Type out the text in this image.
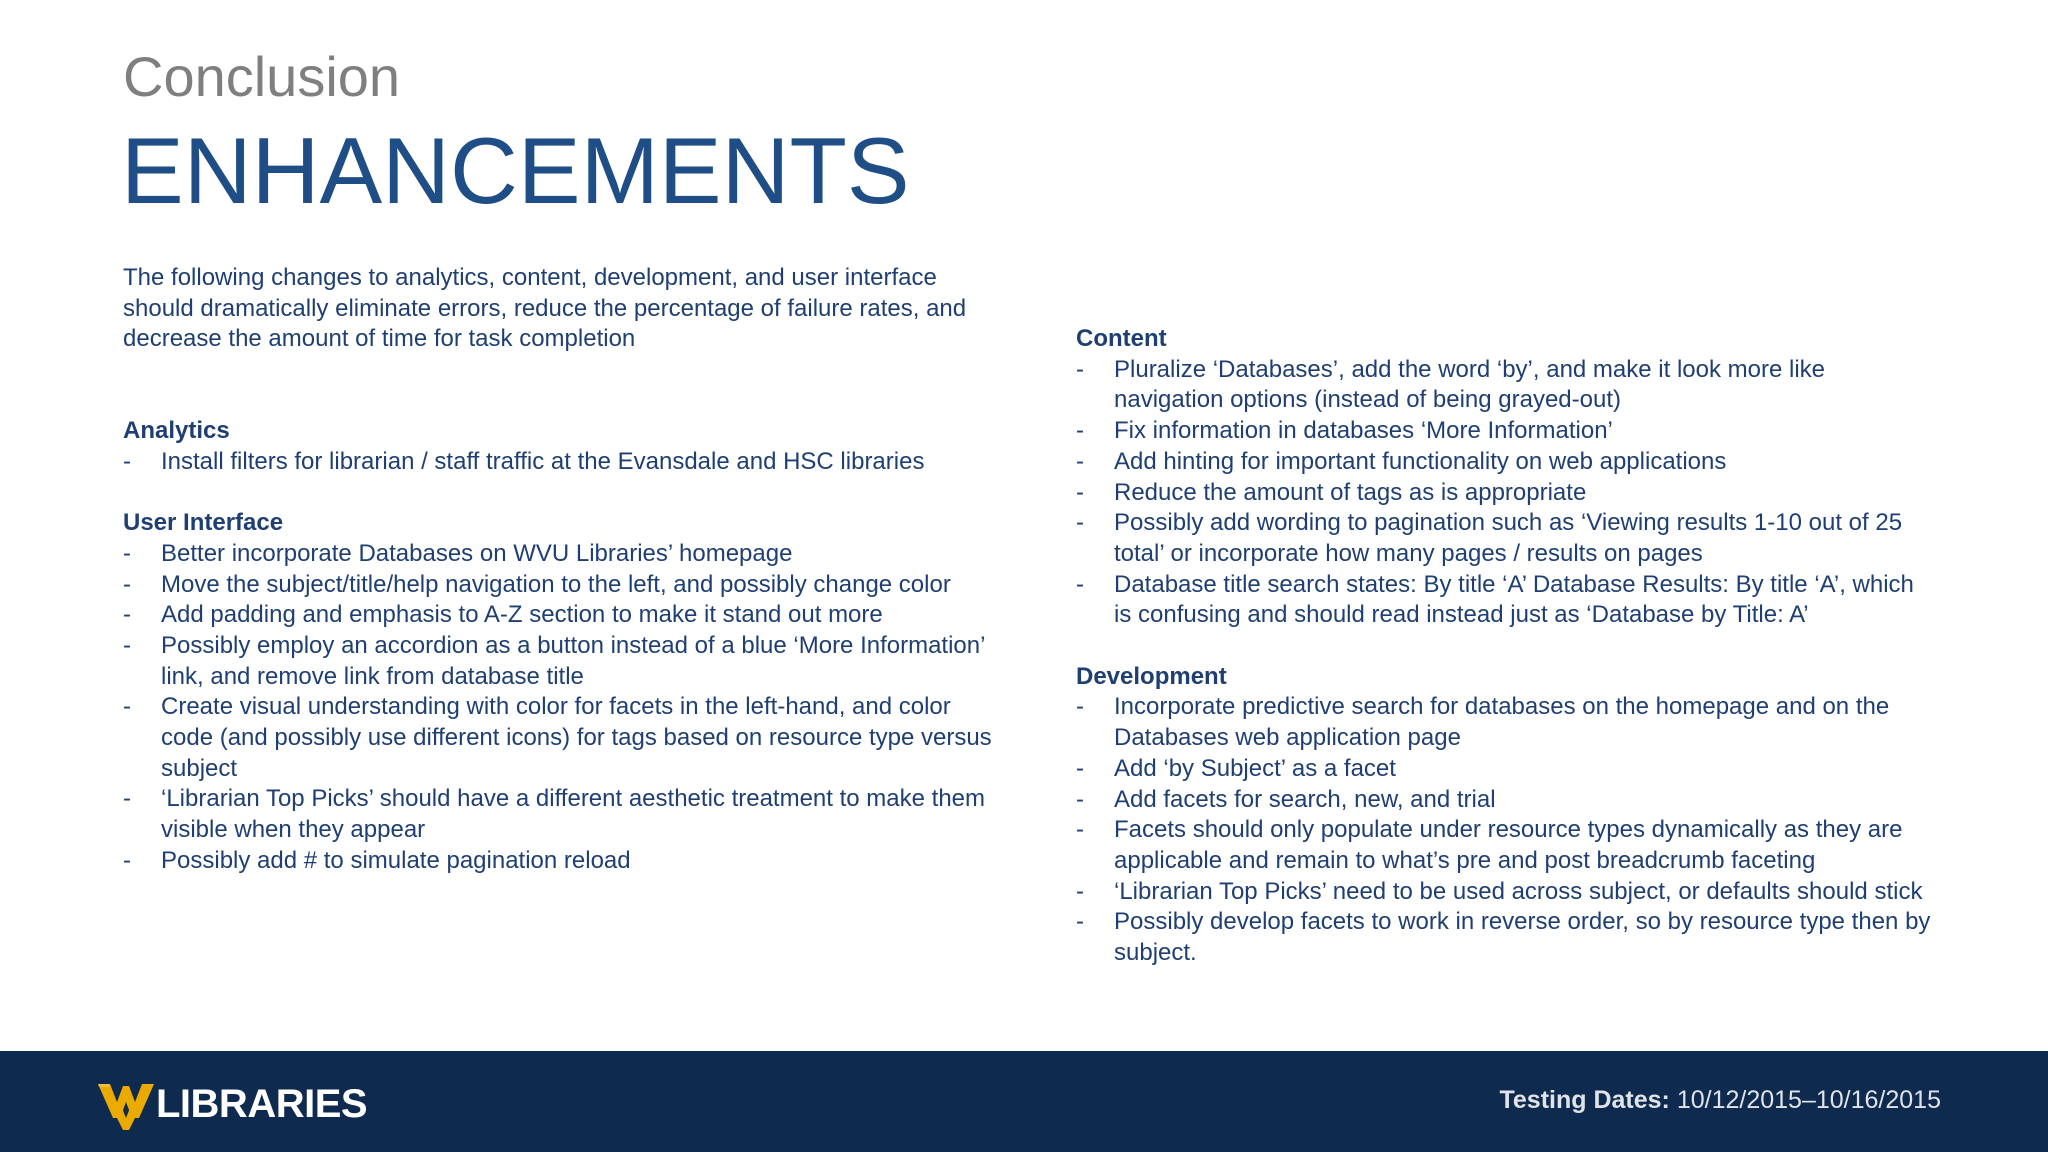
Conclusion
ENHANCEMENTS
The following changes to analytics, content, development, and user interface should dramatically eliminate errors, reduce the percentage of failure rates, and decrease the amount of time for task completion
Analytics
-	Install filters for librarian / staff traffic at the Evansdale and HSC libraries
User Interface
-	Better incorporate Databases on WVU Libraries’ homepage
-	Move the subject/title/help navigation to the left, and possibly change color
-	Add padding and emphasis to A-Z section to make it stand out more
-	Possibly employ an accordion as a button instead of a blue ‘More Information’ link, and remove link from database title
-	Create visual understanding with color for facets in the left-hand, and color code (and possibly use different icons) for tags based on resource type versus subject
-	‘Librarian Top Picks’ should have a different aesthetic treatment to make them visible when they appear
-	Possibly add # to simulate pagination reload
Content
-	Pluralize ‘Databases’, add the word ‘by’, and make it look more like navigation options (instead of being grayed-out)
-	Fix information in databases ‘More Information’
-	Add hinting for important functionality on web applications
-	Reduce the amount of tags as is appropriate
-	Possibly add wording to pagination such as ‘Viewing results 1-10 out of 25 total’ or incorporate how many pages / results on pages
-	Database title search states: By title ‘A’ Database Results: By title ‘A’, which is confusing and should read instead just as ‘Database by Title: A’
Development
-	Incorporate predictive search for databases on the homepage and on the Databases web application page
-	Add ‘by Subject’ as a facet
-	Add facets for search, new, and trial
-	Facets should only populate under resource types dynamically as they are applicable and remain to what’s pre and post breadcrumb faceting
-	‘Librarian Top Picks’ need to be used across subject, or defaults should stick
-	Possibly develop facets to work in reverse order, so by resource type then by subject.
LIBRARIES	Testing Dates: 10/12/2015–10/16/2015
